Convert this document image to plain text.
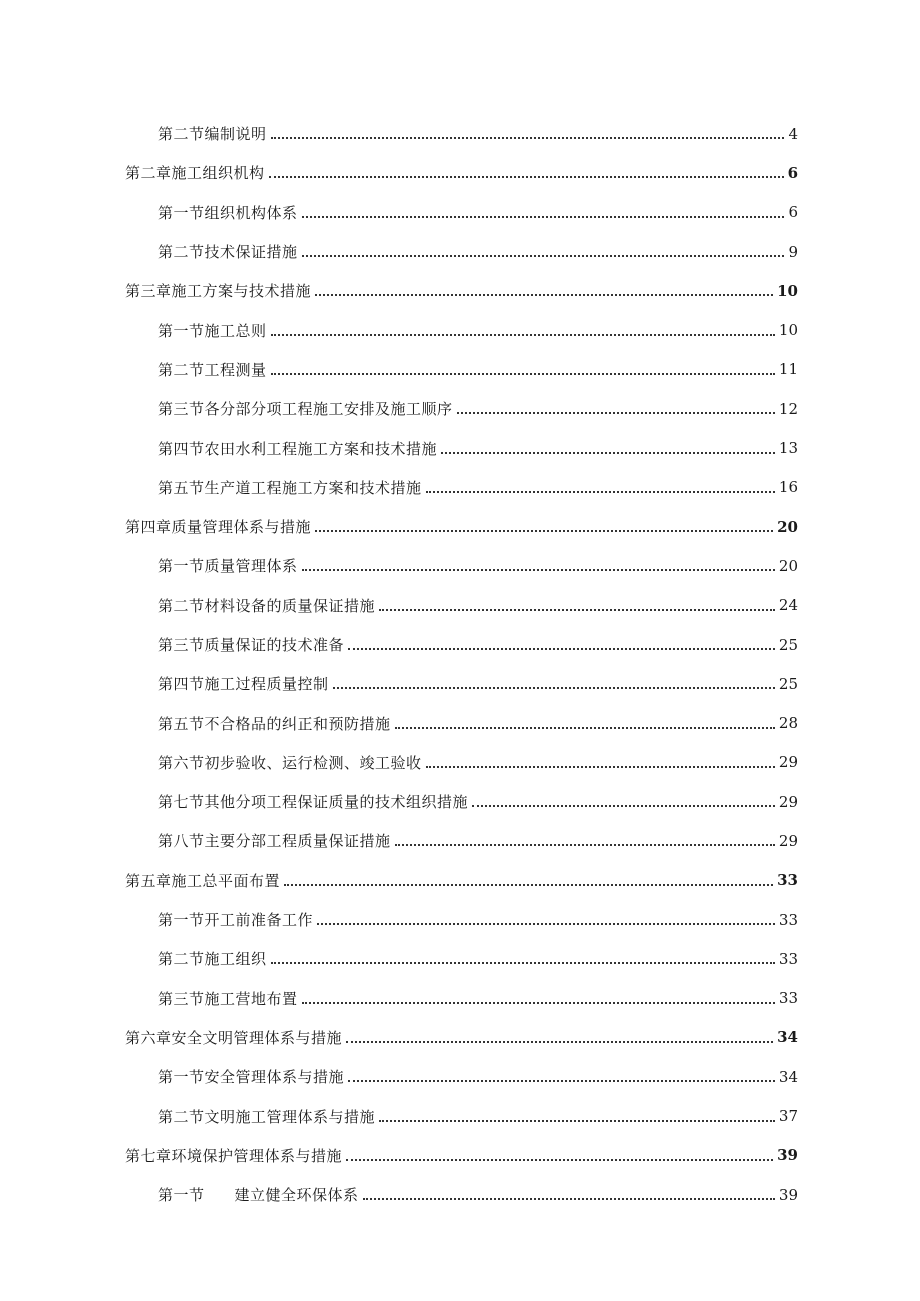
第二节编制说明	4
第二章施工组织机构	6
第一节组织机构体系	6
第二节技术保证措施	9
第三章施工方案与技术措施	10
第一节施工总则	10
第二节工程测量	11
第三节各分部分项工程施工安排及施工顺序	12
第四节农田水利工程施工方案和技术措施	13
第五节生产道工程施工方案和技术措施	16
第四章质量管理体系与措施	20
第一节质量管理体系	20
第二节材料设备的质量保证措施	24
第三节质量保证的技术准备	25
第四节施工过程质量控制	25
第五节不合格品的纠正和预防措施	28
第六节初步验收、运行检测、竣工验收	29
第七节其他分项工程保证质量的技术组织措施	29
第八节主要分部工程质量保证措施	29
第五章施工总平面布置	33
第一节开工前准备工作	33
第二节施工组织	33
第三节施工营地布置	33
第六章安全文明管理体系与措施	34
第一节安全管理体系与措施	34
第二节文明施工管理体系与措施	37
第七章环境保护管理体系与措施	39
第一节 建立健全环保体系	39
